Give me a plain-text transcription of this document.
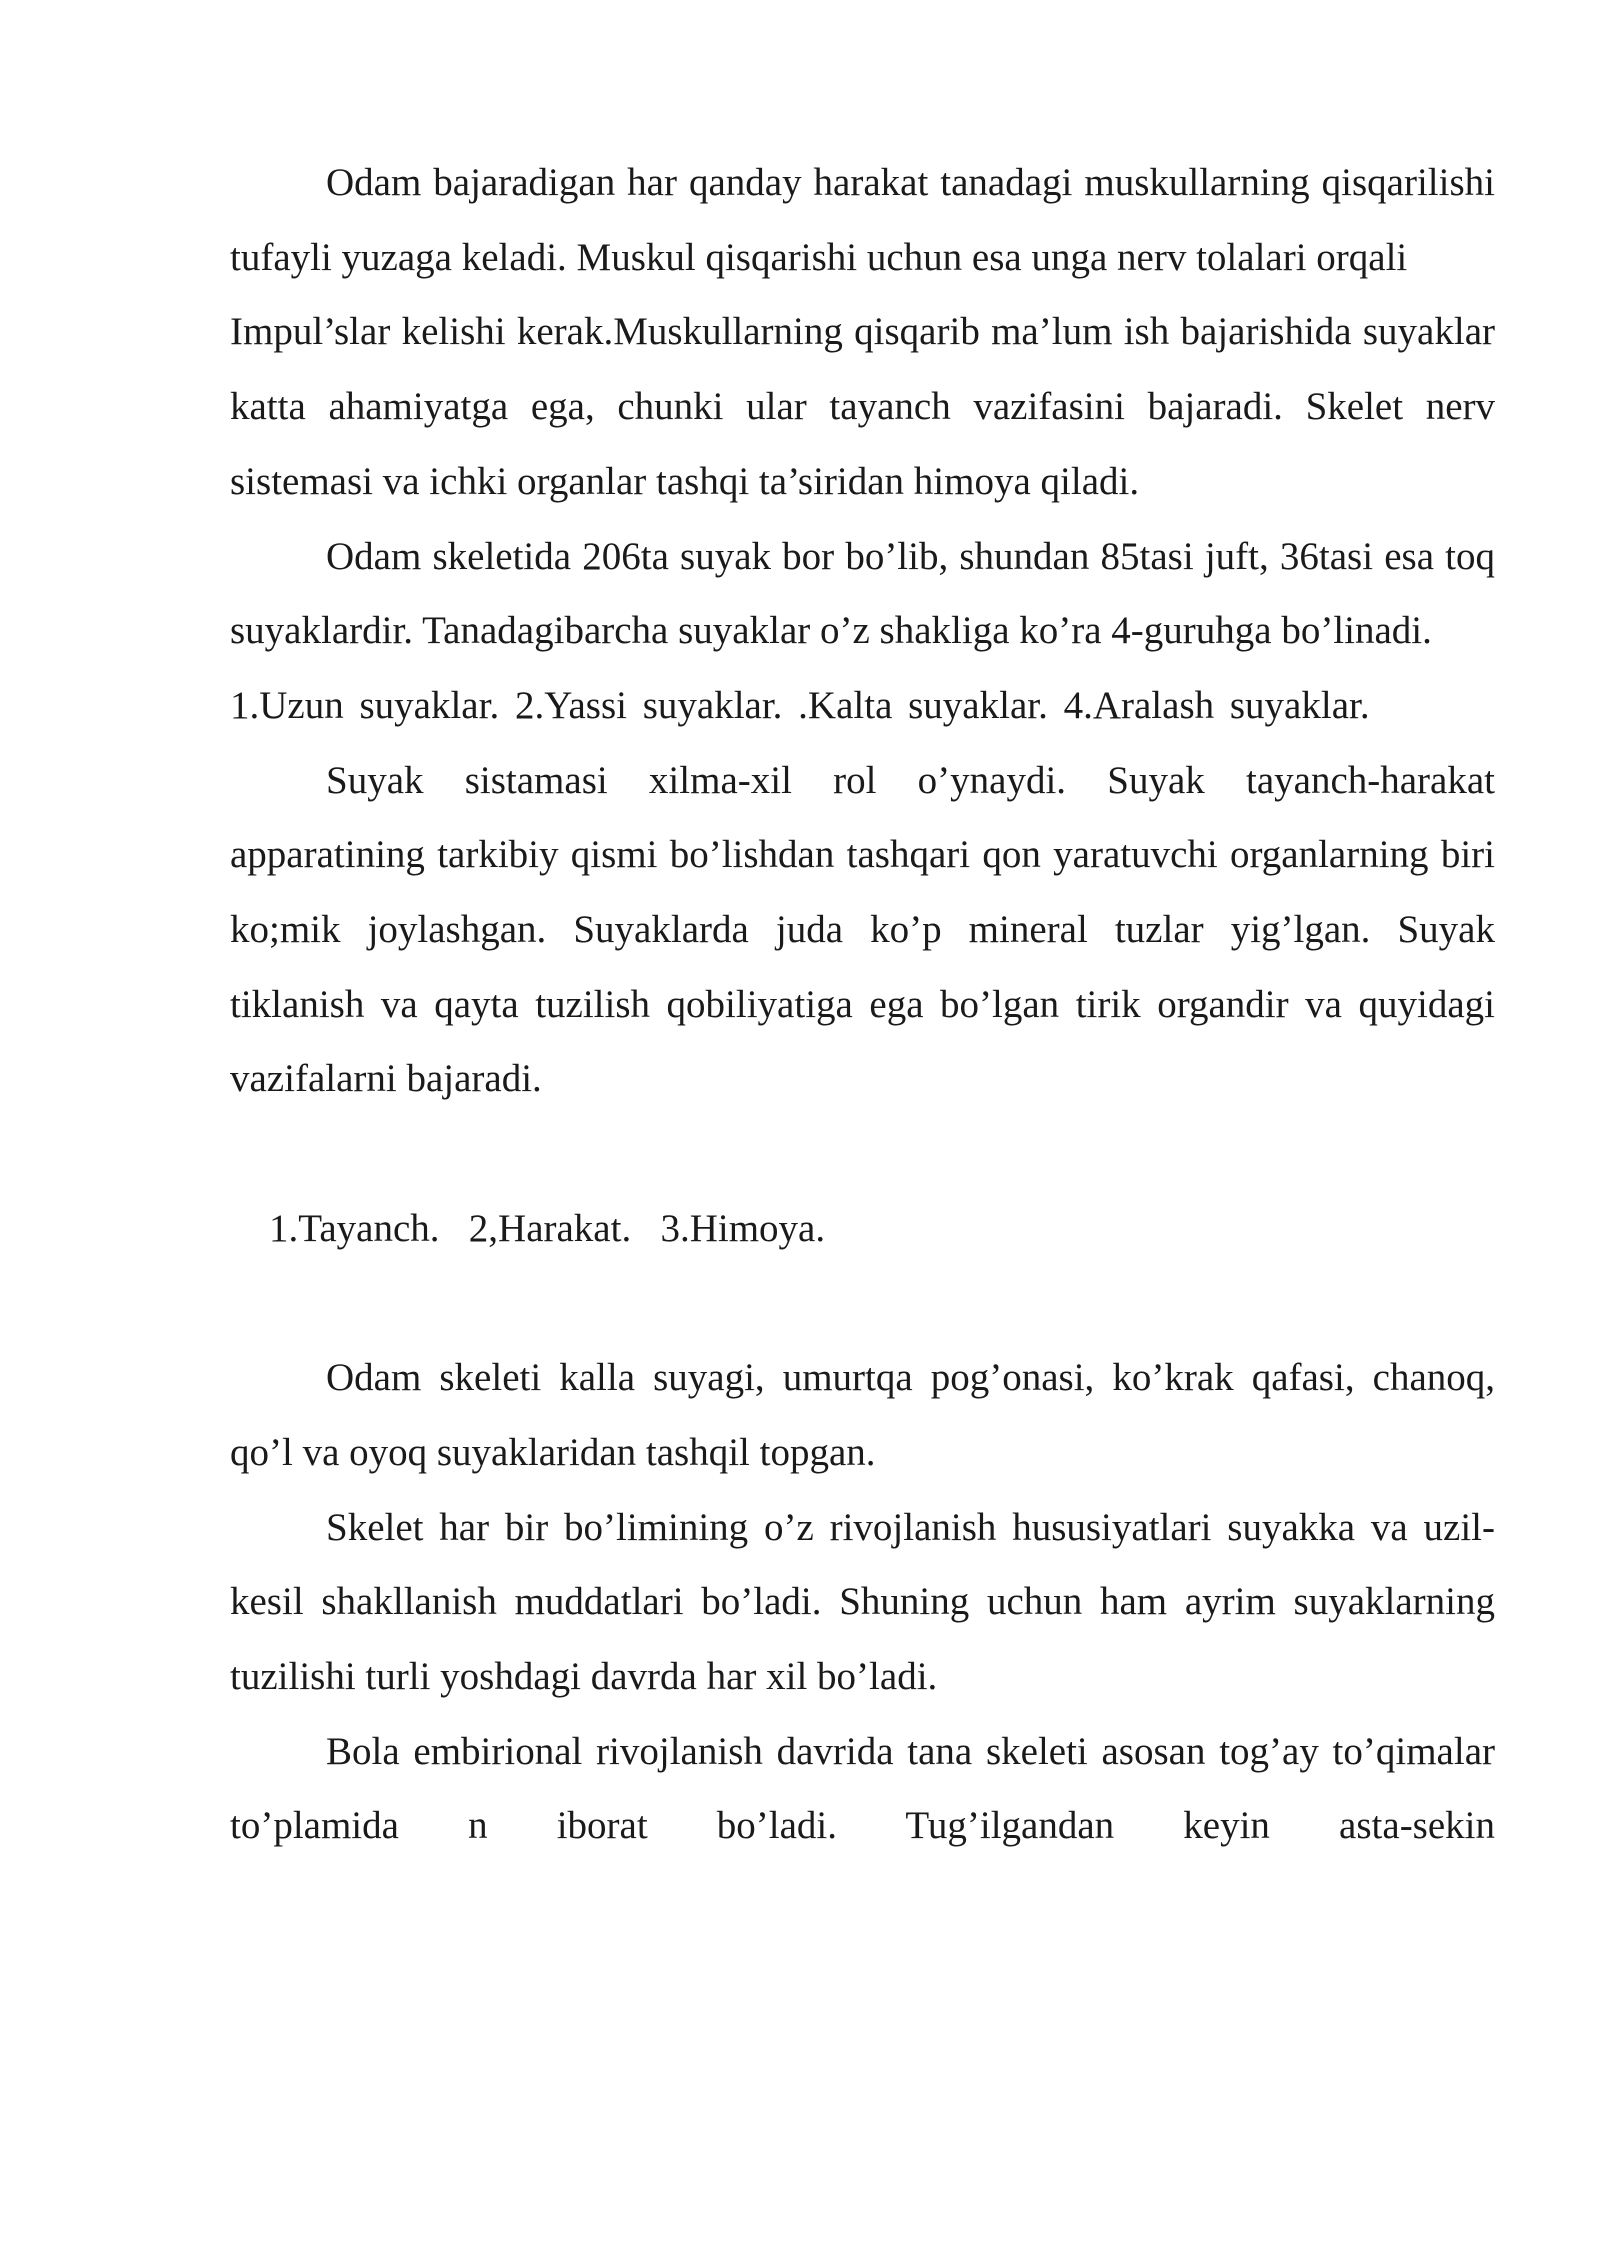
Odam bajaradigan har qanday harakat tanadagi muskullarning qisqarilishi tufayli yuzaga keladi. Muskul qisqarishi uchun esa unga nerv tolalari orqali

Impul’slar kelishi kerak.Muskullarning qisqarib ma’lum ish bajarishida suyaklar katta ahamiyatga ega, chunki ular tayanch vazifasini bajaradi. Skelet nerv sistemasi va ichki organlar tashqi ta’siridan himoya qiladi.

Odam skeletida 206ta suyak bor bo’lib, shundan 85tasi juft, 36tasi esa toq suyaklardir. Tanadagibarcha suyaklar o’z shakliga ko’ra 4-guruhga bo’linadi.

1.Uzun suyaklar. 2.Yassi suyaklar. .Kalta suyaklar. 4.Aralash suyaklar.

Suyak sistamasi xilma-xil rol o’ynaydi. Suyak tayanch-harakat apparatining tarkibiy qismi bo’lishdan tashqari qon yaratuvchi organlarning biri ko;mik joylashgan. Suyaklarda juda ko’p mineral tuzlar yig’lgan. Suyak tiklanish va qayta tuzilish qobiliyatiga ega bo’lgan tirik organdir va quyidagi vazifalarni bajaradi.

1.Tayanch.   2,Harakat.   3.Himoya.

Odam skeleti kalla suyagi, umurtqa pog’onasi, ko’krak qafasi, chanoq, qo’l va oyoq suyaklaridan tashqil topgan.

Skelet har bir bo’limining o’z rivojlanish hususiyatlari suyakka va uzil-kesil shakllanish muddatlari bo’ladi. Shuning uchun ham ayrim suyaklarning tuzilishi turli yoshdagi davrda har xil bo’ladi.

Bola embirional rivojlanish davrida tana skeleti asosan tog’ay to’qimalar to’plamida n iborat bo’ladi. Tug’ilgandan keyin asta-sekin
